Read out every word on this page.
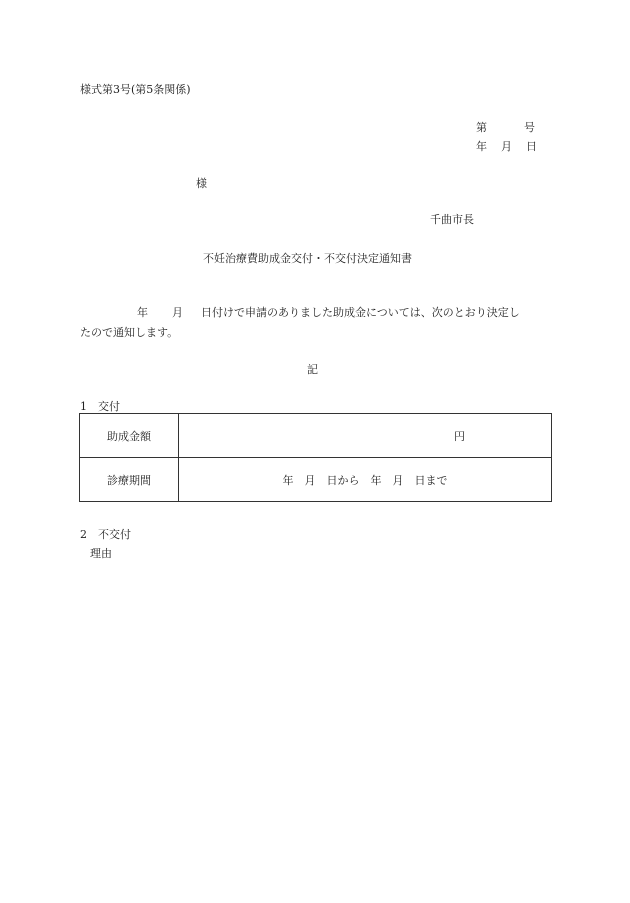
様式第3号(第5条関係)
第	号
年 月 日
様
千曲市長
不妊治療費助成金交付・不交付決定通知書
年 月 日付けで申請のありました助成金については、次のとおり決定し
たので通知します。
記
1　交付
助成金額	円
診療期間	年　月　日から　年　月　日まで
2　不交付
理由
